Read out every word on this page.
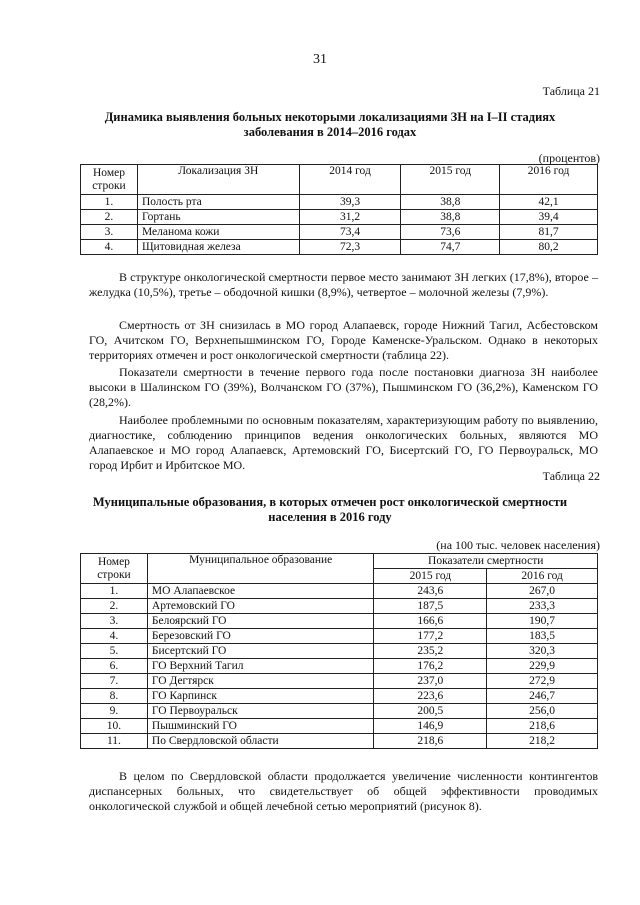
31
Таблица 21
Динамика выявления больных некоторыми локализациями ЗН на I–II стадиях
заболевания в 2014–2016 годах
(процентов)
Номер
строки	Локализация ЗН	2014 год	2015 год	2016 год
1.	Полость рта	39,3	38,8	42,1
2.	Гортань	31,2	38,8	39,4
3.	Меланома кожи	73,4	73,6	81,7
4.	Щитовидная железа	72,3	74,7	80,2

В структуре онкологической смертности первое место занимают ЗН легких (17,8%), второе – желудка (10,5%), третье – ободочной кишки (8,9%), четвертое – молочной железы (7,9%).

Смертность от ЗН снизилась в МО город Алапаевск, городе Нижний Тагил, Асбестовском ГО, Ачитском ГО, Верхнепышминском ГО, Городе Каменске-Уральском. Однако в некоторых территориях отмечен и рост онкологической смертности (таблица 22).

Показатели смертности в течение первого года после постановки диагноза ЗН наиболее высоки в Шалинском ГО (39%), Волчанском ГО (37%), Пышминском ГО (36,2%), Каменском ГО (28,2%).

Наиболее проблемными по основным показателям, характеризующим работу по выявлению, диагностике, соблюдению принципов ведения онкологических больных, являются МО Алапаевское и МО город Алапаевск, Артемовский ГО, Бисертский ГО, ГО Первоуральск, МО город Ирбит и Ирбитское МО.

Таблица 22
Муниципальные образования, в которых отмечен рост онкологической смертности
населения в 2016 году
(на 100 тыс. человек населения)
Номер
строки	Муниципальное образование	Показатели смертности	
		2015 год	2016 год
1.	МО Алапаевское	243,6	267,0
2.	Артемовский ГО	187,5	233,3
3.	Белоярский ГО	166,6	190,7
4.	Березовский ГО	177,2	183,5
5.	Бисертский ГО	235,2	320,3
6.	ГО Верхний Тагил	176,2	229,9
7.	ГО Дегтярск	237,0	272,9
8.	ГО Карпинск	223,6	246,7
9.	ГО Первоуральск	200,5	256,0
10.	Пышминский ГО	146,9	218,6
11.	По Свердловской области	218,6	218,2

В целом по Свердловской области продолжается увеличение численности контингентов диспансерных больных, что свидетельствует об общей эффективности проводимых онкологической службой и общей лечебной сетью мероприятий (рисунок 8).
